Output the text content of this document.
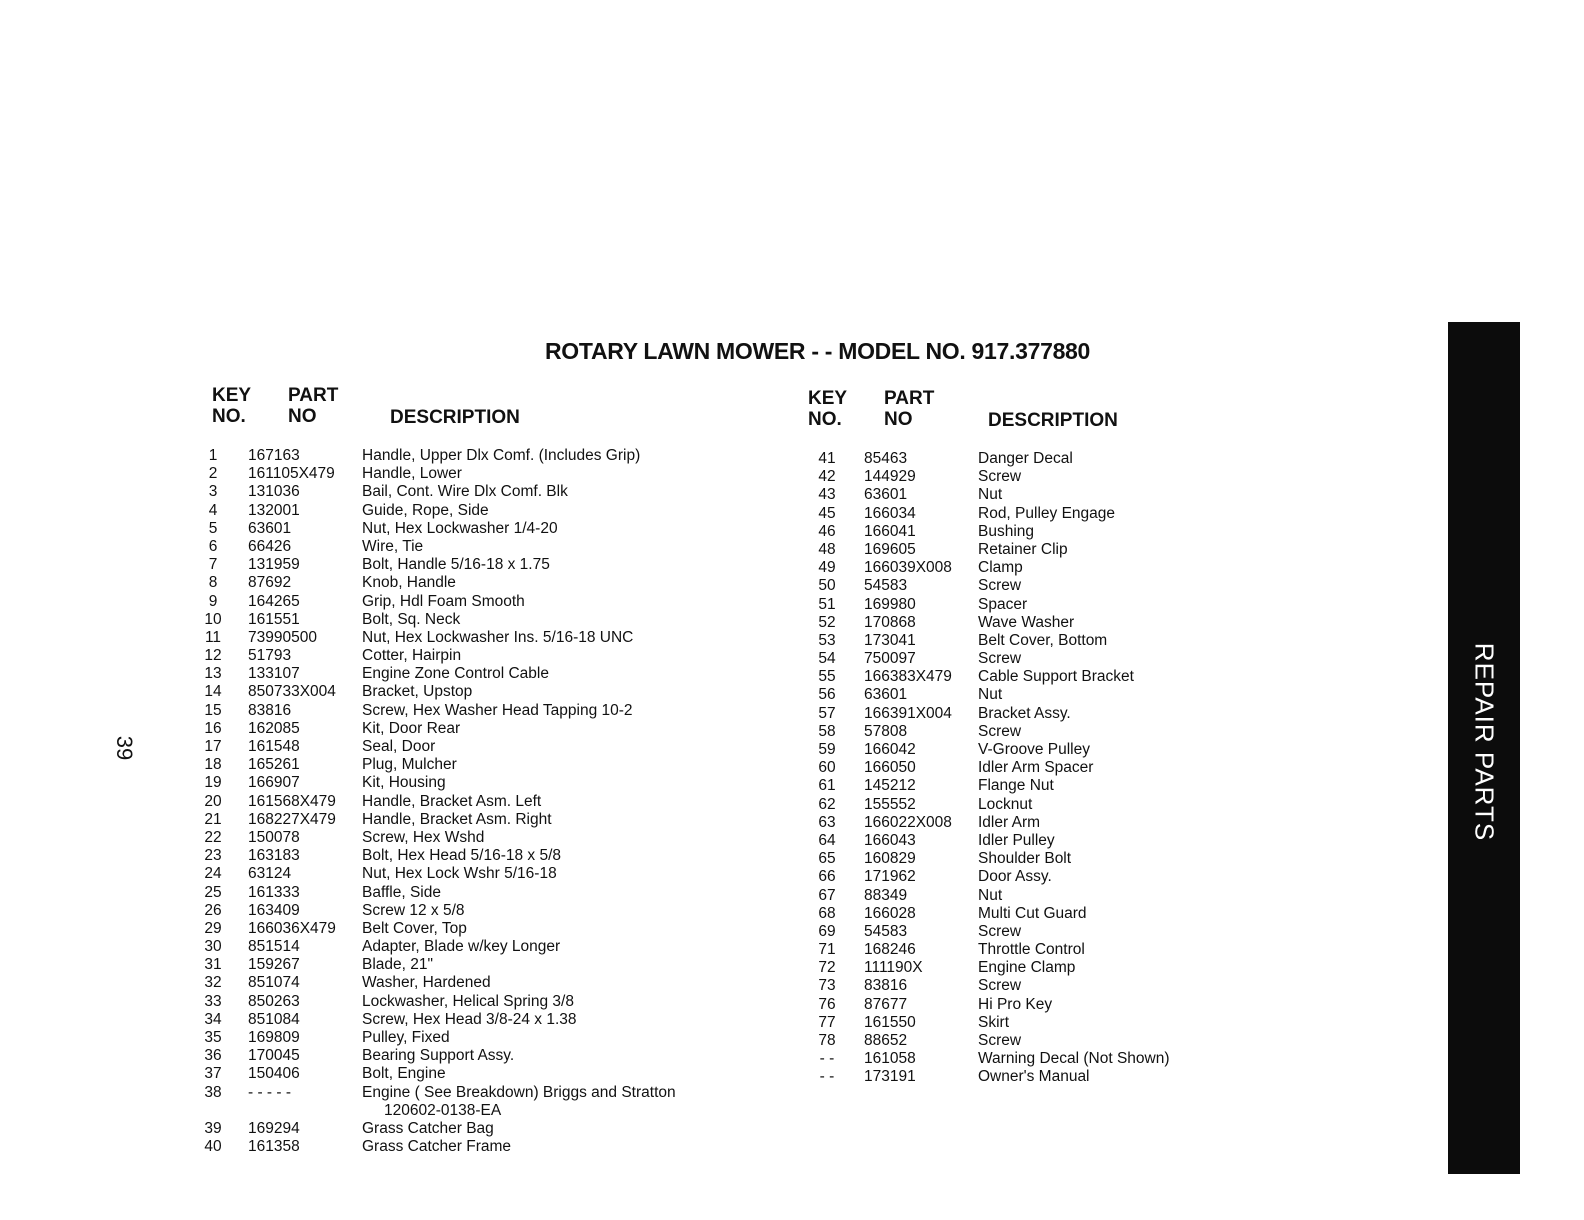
ROTARY LAWN MOWER - - MODEL NO. 917.377880
39
KEY
NO.
PART
NO	DESCRIPTION
1	167163	Handle, Upper Dlx Comf. (Includes Grip)
2	161105X479 Handle, Lower
3	131036	Bail, Cont. Wire Dlx Comf. Blk
4	132001	Guide, Rope, Side
5	63601	Nut, Hex Lockwasher 1/4-20
6	66426	Wire, Tie
7	131959	Bolt, Handle 5/16-18 x 1.75
8	87692	Knob, Handle
9	164265	Grip, Hdl Foam Smooth
10	161551	Bolt, Sq. Neck
11	73990500	Nut, Hex Lockwasher Ins. 5/16-18 UNC
12	51793	Cotter, Hairpin
13	133107	Engine Zone Control Cable
14	850733X004 Bracket, Upstop
15	83816	Screw, Hex Washer Head Tapping 10-2
16	162085	Kit, Door Rear
17	161548	Seal, Door
18	165261	Plug, Mulcher
19	166907	Kit, Housing
20	161568X479 Handle, Bracket Asm. Left
21	168227X479 Handle, Bracket Asm. Right
22	150078	Screw, Hex Wshd
23	163183	Bolt, Hex Head 5/16-18 x 5/8
24	63124	Nut, Hex Lock Wshr 5/16-18
25	161333	Baffle, Side
26	163409	Screw 12 x 5/8
29	166036X479 Belt Cover, Top
30	851514	Adapter, Blade w/key Longer
31	159267	Blade, 21"
32	851074	Washer, Hardened
33	850263	Lockwasher, Helical Spring 3/8
34	851084	Screw, Hex Head 3/8-24 x 1.38
35	169809	Pulley, Fixed
36	170045	Bearing Support Assy.
37	150406	Bolt, Engine
38	- - - - -	Engine ( See Breakdown) Briggs and Stratton
120602-0138-EA
39	169294	Grass Catcher Bag
40	161358	Grass Catcher Frame
KEY
NO.
PART
NO	DESCRIPTION
41	85463	Danger Decal
42	144929	Screw
43	63601	Nut
45	166034	Rod, Pulley Engage
46	166041	Bushing
48	169605	Retainer Clip
49	166039X008 Clamp
50	54583	Screw
51	169980	Spacer
52	170868	Wave Washer
53	173041	Belt Cover, Bottom
54	750097	Screw
55	166383X479 Cable Support Bracket
56	63601	Nut
57	166391X004 Bracket Assy.
58	57808	Screw
59	166042	V-Groove Pulley
60	166050	Idler Arm Spacer
61	145212	Flange Nut
62	155552	Locknut
63	166022X008 Idler Arm
64	166043	Idler Pulley
65	160829	Shoulder Bolt
66	171962	Door Assy.
67	88349	Nut
68	166028	Multi Cut Guard
69	54583	Screw
71	168246	Throttle Control
72	111190X	Engine Clamp
73	83816	Screw
76	87677	Hi Pro Key
77	161550	Skirt
78	88652	Screw
- -	161058	Warning Decal (Not Shown)
- -	173191	Owner's Manual
REPAIR PARTS
